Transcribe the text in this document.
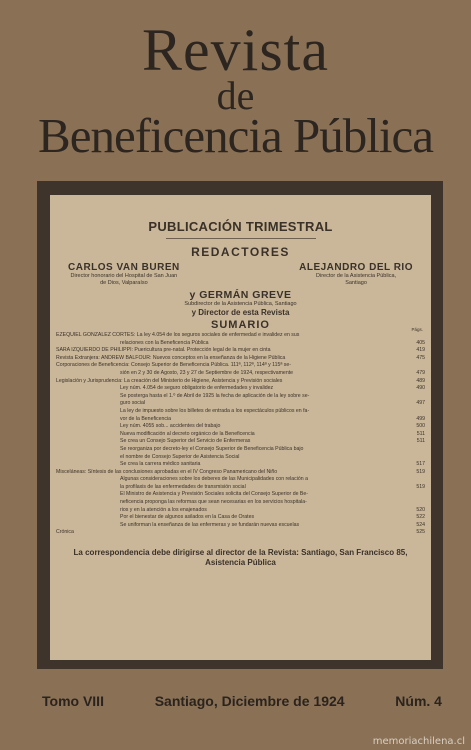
Revista
de
Beneficencia Pública
PUBLICACIÓN TRIMESTRAL
REDACTORES
CARLOS VAN BUREN
Director honorario del Hospital de San Juan
de Dios, Valparaíso
ALEJANDRO DEL RIO
Director de la Asistencia Pública,
Santiago
y GERMÁN GREVE
Subdirector de la Asistencia Pública, Santiago
y Director de esta Revista
SUMARIO	Págs.
EZEQUIEL GONZÁLEZ CORTÉS: La ley 4.054 de los seguros sociales de enfermedad e invalidez en sus
relaciones con la Beneficencia Pública	405
SARA IZQUIERDO DE PHILIPPI: Puericultura pre-natal. Protección legal de la mujer en cinta	419
Revista Extranjera: ANDREW BALFOUR: Nuevos conceptos en la enseñanza de la Higiene Pública	475
Corporaciones de Beneficencia: Consejo Superior de Beneficencia Pública. 111ª, 112ª, 114ª y 115ª se-
sión en 2 y 30 de Agosto, 23 y 27 de Septiembre de 1924, respectivamente	479
Legislación y Jurisprudencia: La creación del Ministerio de Higiene, Asistencia y Previsión sociales	489
Ley núm. 4.054 de seguro obligatorio de enfermedades y invalidez	490
Se posterga hasta el 1.º de Abril de 1925 la fecha de aplicación de la ley sobre se-
guro social	497
La ley de impuesto sobre los billetes de entrada a los espectáculos públicos en fa-
vor de la Beneficencia	499
Ley núm. 4055 sob... accidentes del trabajo	500
Nueva modificación al decreto orgánico de la Beneficencia	511
Se crea un Consejo Superior del Servicio de Enfermeras	511
Se reorganiza por decreto-ley el Consejo Superior de Beneficencia Pública bajo
el nombre de Consejo Superior de Asistencia Social
Se crea la carrera médico sanitaria	517
Misceláneas: Síntesis de las conclusiones aprobadas en el IV Congreso Panamericano del Niño	519
Algunas consideraciones sobre los deberes de las Municipalidades con relación a
la profilaxis de las enfermedades de transmisión social	519
El Ministro de Asistencia y Previsión Sociales solicita del Consejo Superior de Be-
neficencia proponga las reformas que sean necesarias en los servicios hospitala-
rios y en la atención a los enajenados	520
Por el bienestar de algunos asilados en la Casa de Orates	522
Se uniforman la enseñanza de las enfermeras y se fundarán nuevas escuelas	524
Crónica	525
La correspondencia debe dirigirse al director de la Revista: Santiago, San Francisco 85, Asistencia Pública
Tomo VIII	Santiago, Diciembre de 1924	Núm. 4
memoriachilena.cl
